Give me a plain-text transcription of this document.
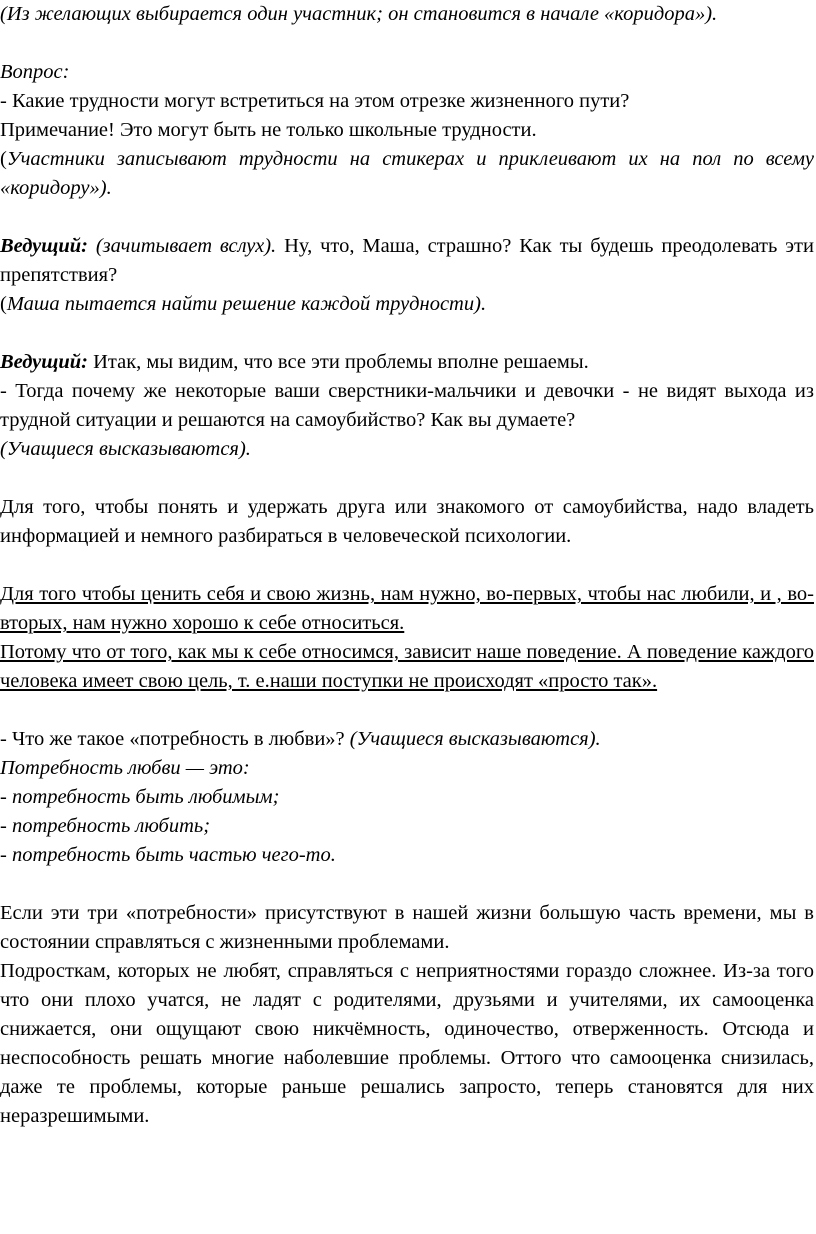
(Из желающих выбирается один участник; он становится в начале «коридора»).

Вопрос:

- Какие трудности могут встретиться на этом отрезке жизненного пути?

Примечание! Это могут быть не только школьные трудности.

(Участники записывают трудности на стикерах и приклеивают их на пол по всему «коридору»).

Ведущий: (зачитывает вслух). Ну, что, Маша, страшно? Как ты будешь преодолевать эти препятствия?

(Маша пытается найти решение каждой трудности).

Ведущий: Итак, мы видим, что все эти проблемы вполне решаемы.

- Тогда почему же некоторые ваши сверстники-мальчики и девочки - не видят выхода из трудной ситуации и решаются на самоубийство? Как вы думаете?

(Учащиеся высказываются).

Для того, чтобы понять и удержать друга или знакомого от самоубийства, надо владеть информацией и немного разбираться в человеческой психологии.

Для того чтобы ценить себя и свою жизнь, нам нужно, во-первых, чтобы нас любили, и , во-вторых, нам нужно хорошо к себе относиться.

Потому что от того, как мы к себе относимся, зависит наше поведение. А поведение каждого человека имеет свою цель, т. е.наши поступки не происходят «просто так».

- Что же такое «потребность в любви»? (Учащиеся высказываются).

Потребность любви — это:

- потребность быть любимым;

- потребность любить;

- потребность быть частью чего-то.

Если эти три «потребности» присутствуют в нашей жизни большую часть времени, мы в состоянии справляться с жизненными проблемами.

Подросткам, которых не любят, справляться с неприятностями гораздо сложнее. Из-за того что они плохо учатся, не ладят с родителями, друзьями и учителями, их самооценка снижается, они ощущают свою никчёмность, одиночество, отверженность. Отсюда и неспособность решать многие наболевшие проблемы. Оттого что самооценка снизилась, даже те проблемы, которые раньше решались запросто, теперь становятся для них неразрешимыми.
